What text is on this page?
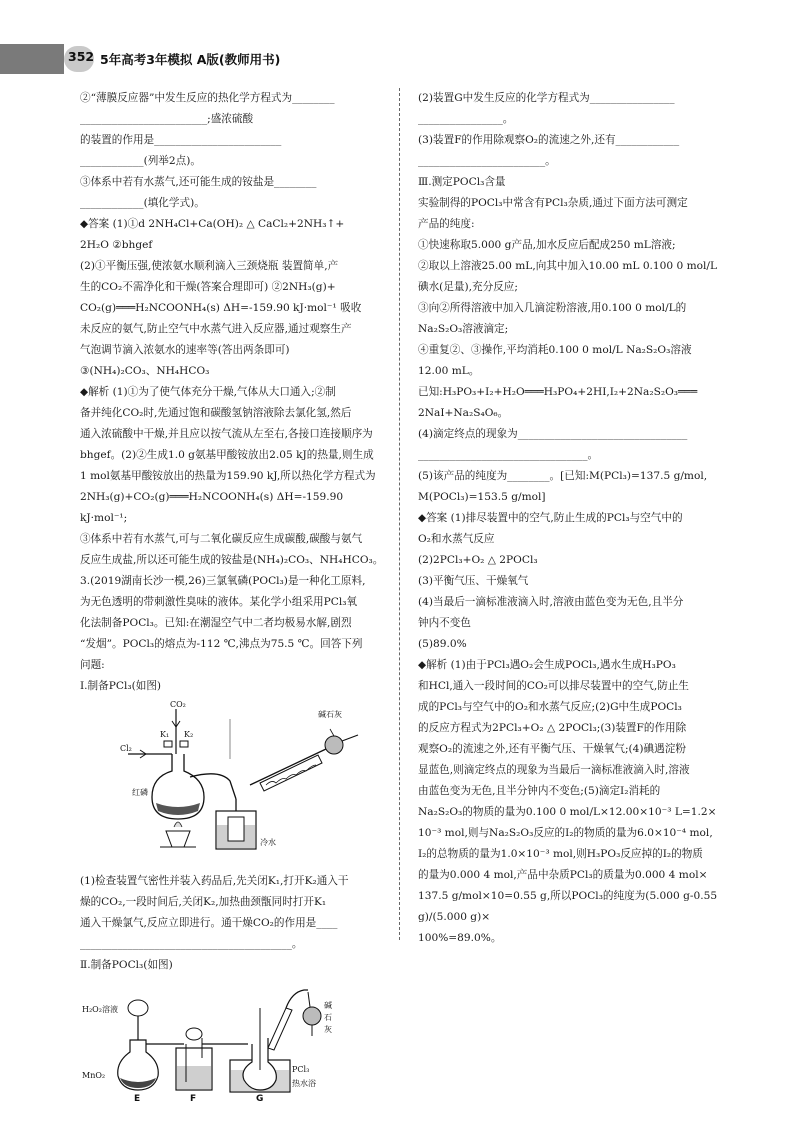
352 5年高考3年模拟 A版(教师用书)

②“薄膜反应器”中发生反应的热化学方程式为________

________________________;盛浓硫酸

的装置的作用是________________________

____________(列举2点)。

③体系中若有水蒸气,还可能生成的铵盐是________

____________(填化学式)。

◆答案 (1)①d 2NH₄Cl+Ca(OH)₂ △ CaCl₂+2NH₃↑+

2H₂O ②bhgef

(2)①平衡压强,使浓氨水顺利滴入三颈烧瓶 装置简单,产

生的CO₂不需净化和干燥(答案合理即可) ②2NH₃(g)+

CO₂(g)═══H₂NCOONH₄(s) ΔH=-159.90 kJ·mol⁻¹ 吸收

未反应的氨气,防止空气中水蒸气进入反应器,通过观察生产

气泡调节滴入浓氨水的速率等(答出两条即可)

③(NH₄)₂CO₃、NH₄HCO₃

◆解析 (1)①为了使气体充分干燥,气体从大口通入;②制

备并纯化CO₂时,先通过饱和碳酸氢钠溶液除去氯化氢,然后

通入浓硫酸中干燥,并且应以按气流从左至右,各接口连接顺序为

bhgef。(2)②生成1.0 g氨基甲酸铵放出2.05 kJ的热量,则生成

1 mol氨基甲酸铵放出的热量为159.90 kJ,所以热化学方程式为

2NH₃(g)+CO₂(g)═══H₂NCOONH₄(s) ΔH=-159.90 kJ·mol⁻¹;

③体系中若有水蒸气,可与二氧化碳反应生成碳酸,碳酸与氨气

反应生成盐,所以还可能生成的铵盐是(NH₄)₂CO₃、NH₄HCO₃。

3.(2019湖南长沙一模,26)三氯氧磷(POCl₃)是一种化工原料,

为无色透明的带刺激性臭味的液体。某化学小组采用PCl₃氧

化法制备POCl₃。已知:在潮湿空气中二者均极易水解,剧烈

“发烟”。POCl₃的熔点为-112 ℃,沸点为75.5 ℃。回答下列

问题:

Ⅰ.制备PCl₃(如图)

CO₂
K₁ K₂
Cl₂
红磷
碱石灰
冷水

(1)检查装置气密性并装入药品后,先关闭K₁,打开K₂通入干

燥的CO₂,一段时间后,关闭K₂,加热曲颈甑同时打开K₁

通入干燥氯气,反应立即进行。通干燥CO₂的作用是____

________________________________________。

Ⅱ.制备POCl₃(如图)

H₂O₂溶液
MnO₂
E	F	G
PCl₃
热水浴
碱
石
灰

(2)装置G中发生反应的化学方程式为________________

________________。

(3)装置F的作用除观察O₂的流速之外,还有____________

________________________。

Ⅲ.测定POCl₃含量

实验制得的POCl₃中常含有PCl₃杂质,通过下面方法可测定

产品的纯度:

①快速称取5.000 g产品,加水反应后配成250 mL溶液;

②取以上溶液25.00 mL,向其中加入10.00 mL 0.100 0 mol/L

碘水(足量),充分反应;

③向②所得溶液中加入几滴淀粉溶液,用0.100 0 mol/L的

Na₂S₂O₃溶液滴定;

④重复②、③操作,平均消耗0.100 0 mol/L Na₂S₂O₃溶液

12.00 mL。

已知:H₃PO₃+I₂+H₂O═══H₃PO₄+2HI,I₂+2Na₂S₂O₃═══

2NaI+Na₂S₄O₆。

(4)滴定终点的现象为________________________________

________________________________。

(5)该产品的纯度为________。[已知:M(PCl₃)=137.5 g/mol,

M(POCl₃)=153.5 g/mol]

◆答案 (1)排尽装置中的空气,防止生成的PCl₃与空气中的

O₂和水蒸气反应

(2)2PCl₃+O₂ △ 2POCl₃

(3)平衡气压、干燥氧气

(4)当最后一滴标准液滴入时,溶液由蓝色变为无色,且半分

钟内不变色

(5)89.0%

◆解析 (1)由于PCl₃遇O₂会生成POCl₃,遇水生成H₃PO₃

和HCl,通入一段时间的CO₂可以排尽装置中的空气,防止生

成的PCl₃与空气中的O₂和水蒸气反应;(2)G中生成POCl₃

的反应方程式为2PCl₃+O₂ △ 2POCl₃;(3)装置F的作用除

观察O₂的流速之外,还有平衡气压、干燥氧气;(4)碘遇淀粉

显蓝色,则滴定终点的现象为当最后一滴标准液滴入时,溶液

由蓝色变为无色,且半分钟内不变色;(5)滴定I₂消耗的

Na₂S₂O₃的物质的量为0.100 0 mol/L×12.00×10⁻³ L=1.2×

10⁻³ mol,则与Na₂S₂O₃反应的I₂的物质的量为6.0×10⁻⁴ mol,

I₂的总物质的量为1.0×10⁻³ mol,则H₃PO₃反应掉的I₂的物质

的量为0.000 4 mol,产品中杂质PCl₃的质量为0.000 4 mol×

137.5 g/mol×10=0.55 g,所以POCl₃的纯度为(5.000 g-0.55 g)/(5.000 g)×

100%=89.0%。
